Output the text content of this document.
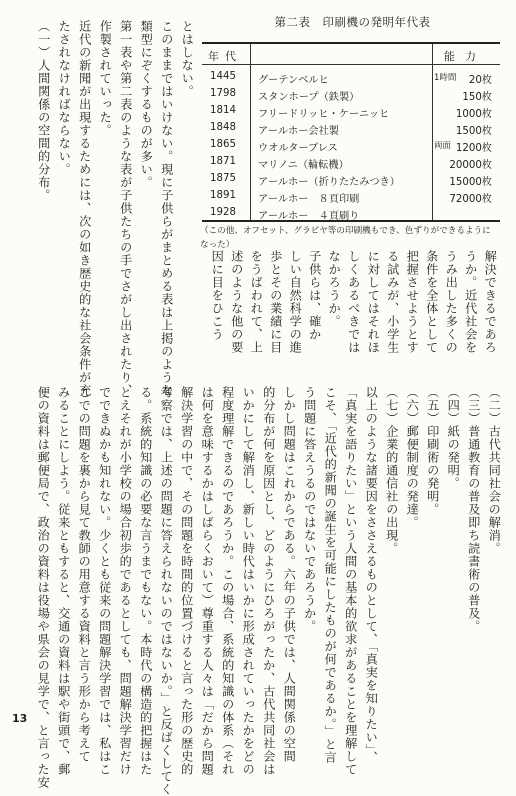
第二表　印刷機の発明年代表
年代	能力
1445	グーテンベルヒ	1時間 20枚
1798	スタンホープ（鉄製）	150枚
1814	フリードリッヒ・ケーニッヒ	1000枚
1848	アールホー会社製	1500枚
1865	ウオルターブレス	両面 1200枚
1871	マリノニ（輪転機）	20000枚
1875	アールホー（折りたたみつき）	15000枚
1891	アールホー　８頁印刷	72000枚
1928	アールホー　４頁刷り
（この他、オフセット、グラビヤ等の印刷機もでき、色ずりができるように
なった）
とはしない。
このままではいけない。現に子供らがまとめる表は上掲のような
類型にぞくするものが多い。
第一表や第二表のような表が子供たちの手でさがし出されたり、
作製されていった。
近代の新聞が出現するためには、次の如き歴史的な社会条件が充
たされなければならない。
（一）人間関係の空間的分布。
解決できるであろ
うか。近代社会を
うみ出した多くの
条件を全体として
把握させようとす
る試みが、小学生
に対してはそれほ
しくあるべきでは
なかろうか。
子供らは、確か
しい自然科学の進
歩とその業績に目
をうばわれて、上
述のような他の要
因に目をひこう
（二）古代共同社会の解消。
（三）普通教育の普及即ち読書術の普及。
（四）紙の発明。
（五）印刷術の発明。
（六）郵便制度の発達。
（七）企業的通信社の出現。
以上のような諸要因をささえるものとして、「真実を知りたい」、
「真実を語りたい」という人間の基本的欲求があることを理解して
こそ、「近代的新聞の誕生を可能にしたものが何であるか。」と言
う問題に答えうるのではないであろうか。
しかし問題はこれからである。六年の子供では、人間関係の空間
的分布が何を原因とし、どのようにひろがったか、古代共同社会は
いかにして解消し、新しい時代はいかに形成されていったかをどの
程度理解できるのであろうか。この場合、系統的知識の体系（それ
は何を意味するかはしばらくおいて）尊重する人々は「だから問題
解決学習の中で、その問題を時間的位置づけると言った形の歴史的
考察では、上述の問題に答えられないのではないか。」と反ばくしてく
る。系統的知識の必要な言うまでもない。本時代の構造的把握はた
とえそれが小学校の場合初歩的であるとしても、問題解決学習だけ
でできぬかも知れない。少くとも従来の問題解決学習では、私はこ
こでの問題を裏から見て教師の用意する資料と言う形から考えて
みることにしよう。従来ともすると、交通の資料は駅や街頭で、郵
便の資料は郵便局で、政治の資料は役場や県会の見学で、と言った安
13
